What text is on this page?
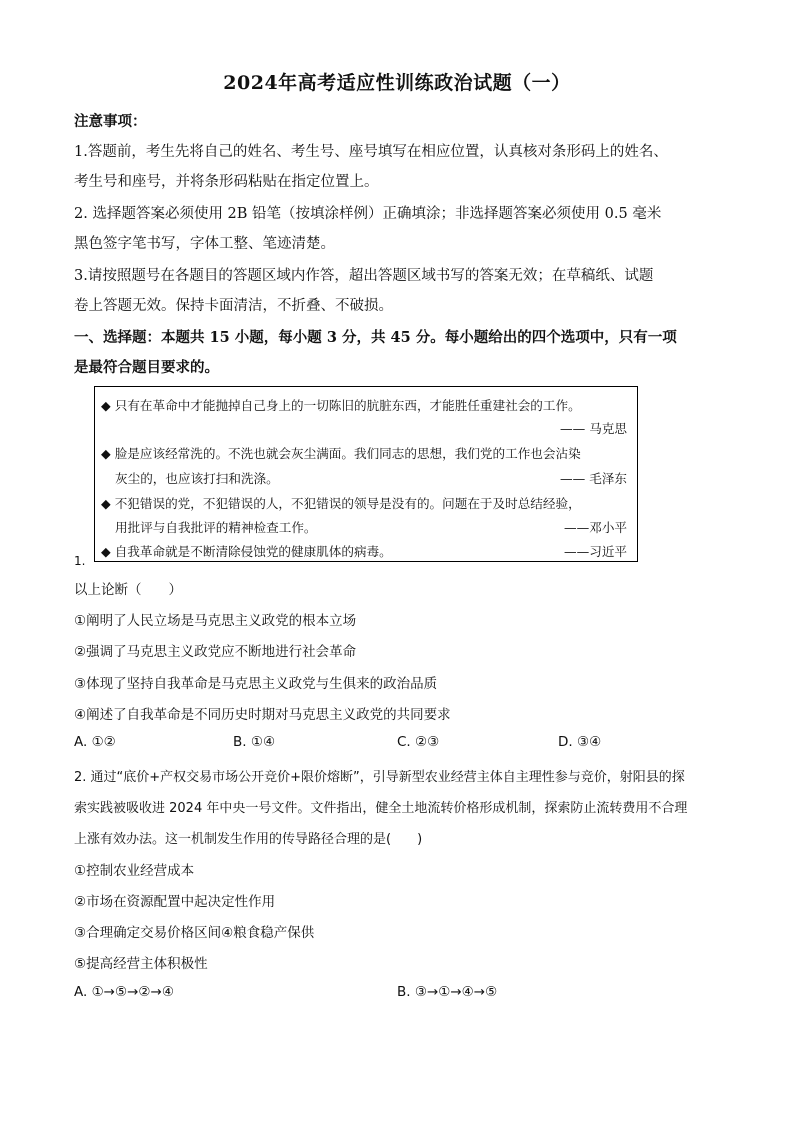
2024年高考适应性训练政治试题（一）
注意事项：
1.答题前，考生先将自己的姓名、考生号、座号填写在相应位置，认真核对条形码上的姓名、
考生号和座号，并将条形码粘贴在指定位置上。
2. 选择题答案必须使用 2B 铅笔（按填涂样例）正确填涂；非选择题答案必须使用 0.5 毫米
黑色签字笔书写，字体工整、笔迹清楚。
3.请按照题号在各题目的答题区域内作答，超出答题区域书写的答案无效；在草稿纸、试题
卷上答题无效。保持卡面清洁，不折叠、不破损。
一、选择题：本题共 15 小题，每小题 3 分，共 45 分。每小题给出的四个选项中，只有一项
是最符合题目要求的。
◆ 只有在革命中才能抛掉自己身上的一切陈旧的肮脏东西，才能胜任重建社会的工作。
—— 马克思
◆ 脸是应该经常洗的。不洗也就会灰尘满面。我们同志的思想，我们党的工作也会沾染
灰尘的，也应该打扫和洗涤。	—— 毛泽东
◆ 不犯错误的党，不犯错误的人，不犯错误的领导是没有的。问题在于及时总结经验，
用批评与自我批评的精神检查工作。	——邓小平
◆ 自我革命就是不断清除侵蚀党的健康肌体的病毒。	——习近平
1.
以上论断（　　）
①阐明了人民立场是马克思主义政党的根本立场
②强调了马克思主义政党应不断地进行社会革命
③体现了坚持自我革命是马克思主义政党与生俱来的政治品质
④阐述了自我革命是不同历史时期对马克思主义政党的共同要求
A. ①②	B. ①④	C. ②③	D. ③④
2. 通过“底价+产权交易市场公开竞价+限价熔断”，引导新型农业经营主体自主理性参与竞价，射阳县的探
索实践被吸收进 2024 年中央一号文件。文件指出，健全土地流转价格形成机制，探索防止流转费用不合理
上涨有效办法。这一机制发生作用的传导路径合理的是(　　)
①控制农业经营成本
②市场在资源配置中起决定性作用
③合理确定交易价格区间④粮食稳产保供
⑤提高经营主体积极性
A. ①→⑤→②→④	B. ③→①→④→⑤
